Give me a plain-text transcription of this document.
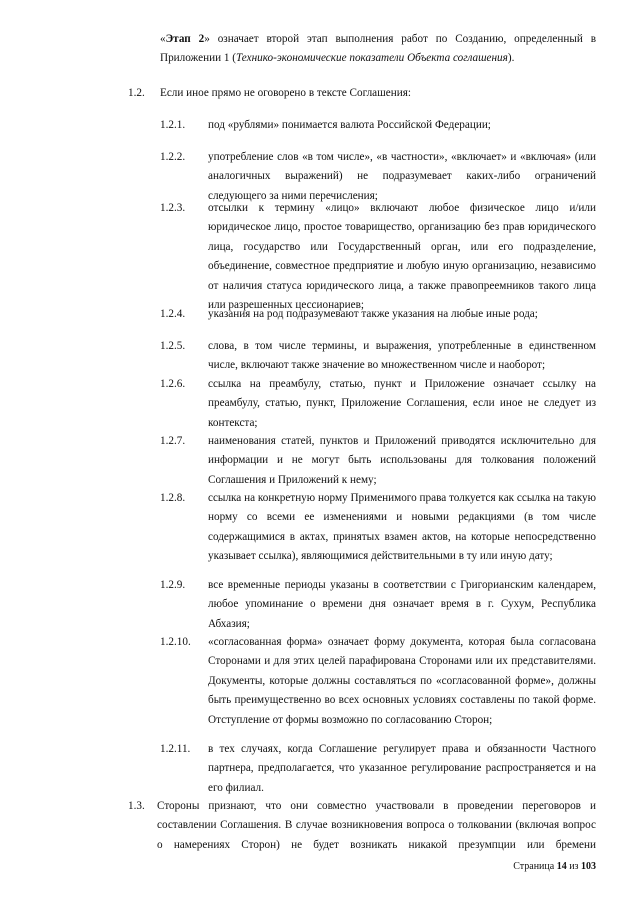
«Этап 2» означает второй этап выполнения работ по Созданию, определенный в Приложении 1 (Технико-экономические показатели Объекта соглашения).

1.2. Если иное прямо не оговорено в тексте Соглашения:
1.2.1. под «рублями» понимается валюта Российской Федерации;
1.2.2. употребление слов «в том числе», «в частности», «включает» и «включая» (или аналогичных выражений) не подразумевает каких-либо ограничений следующего за ними перечисления;
1.2.3. отсылки к термину «лицо» включают любое физическое лицо и/или юридическое лицо, простое товарищество, организацию без прав юридического лица, государство или Государственный орган, или его подразделение, объединение, совместное предприятие и любую иную организацию, независимо от наличия статуса юридического лица, а также правопреемников такого лица или разрешенных цессионариев;
1.2.4. указания на род подразумевают также указания на любые иные рода;
1.2.5. слова, в том числе термины, и выражения, употребленные в единственном числе, включают также значение во множественном числе и наоборот;
1.2.6. ссылка на преамбулу, статью, пункт и Приложение означает ссылку на преамбулу, статью, пункт, Приложение Соглашения, если иное не следует из контекста;
1.2.7. наименования статей, пунктов и Приложений приводятся исключительно для информации и не могут быть использованы для толкования положений Соглашения и Приложений к нему;
1.2.8. ссылка на конкретную норму Применимого права толкуется как ссылка на такую норму со всеми ее изменениями и новыми редакциями (в том числе содержащимися в актах, принятых взамен актов, на которые непосредственно указывает ссылка), являющимися действительными в ту или иную дату;
1.2.9. все временные периоды указаны в соответствии с Григорианским календарем, любое упоминание о времени дня означает время в г. Сухум, Республика Абхазия;
1.2.10. «согласованная форма» означает форму документа, которая была согласована Сторонами и для этих целей парафирована Сторонами или их представителями. Документы, которые должны составляться по «согласованной форме», должны быть преимущественно во всех основных условиях составлены по такой форме. Отступление от формы возможно по согласованию Сторон;
1.2.11. в тех случаях, когда Соглашение регулирует права и обязанности Частного партнера, предполагается, что указанное регулирование распространяется и на его филиал.
1.3. Стороны признают, что они совместно участвовали в проведении переговоров и составлении Соглашения. В случае возникновения вопроса о толковании (включая вопрос о намерениях Сторон) не будет возникать никакой презумпции или бремени
Страница 14 из 103
